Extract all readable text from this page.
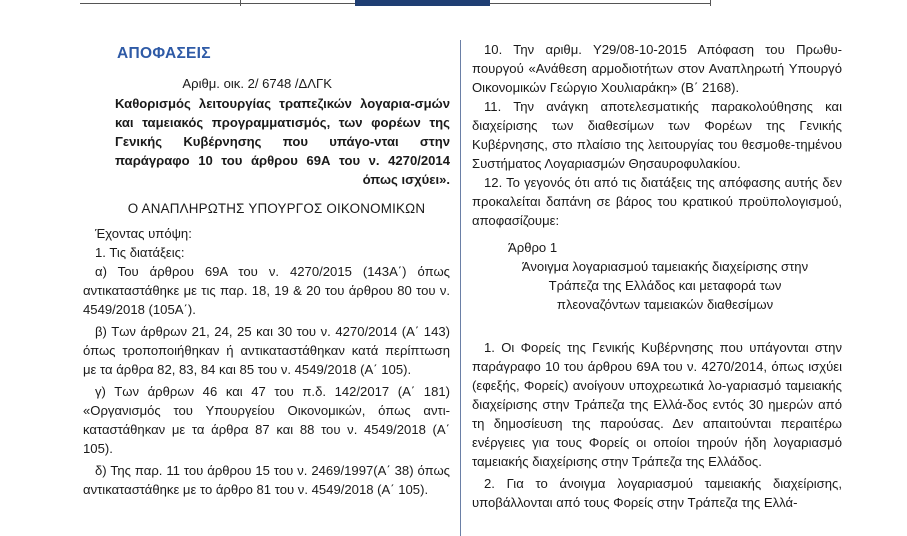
ΑΠΟΦΑΣΕΙΣ

Αριθμ. οικ. 2/ 6748 /ΔΛΓΚ

Καθορισμός λειτουργίας τραπεζικών λογαρια-σμών και ταμειακός προγραμματισμός, των φορέων της Γενικής Κυβέρνησης που υπάγο-νται στην παράγραφο 10 του άρθρου 69Α του ν. 4270/2014 όπως ισχύει».

Ο ΑΝΑΠΛΗΡΩΤΗΣ ΥΠΟΥΡΓΟΣ ΟΙΚΟΝΟΜΙΚΩΝ

Έχοντας υπόψη:

1. Τις διατάξεις:

α) Του άρθρου 69Α του ν. 4270/2015 (143Α΄) όπως αντικαταστάθηκε με τις παρ. 18, 19 & 20 του άρθρου 80 του ν. 4549/2018 (105Α΄).

β) Των άρθρων 21, 24, 25 και 30 του ν. 4270/2014 (Α΄ 143) όπως τροποποιήθηκαν ή αντικαταστάθηκαν κατά περίπτωση με τα άρθρα 82, 83, 84 και 85 του ν. 4549/2018 (Α΄ 105).

γ) Των άρθρων 46 και 47 του π.δ. 142/2017 (Α΄ 181) «Οργανισμός του Υπουργείου Οικονομικών, όπως αντι-καταστάθηκαν με τα άρθρα 87 και 88 του ν. 4549/2018 (Α΄ 105).

δ) Της παρ. 11 του άρθρου 15 του ν. 2469/1997(Α΄ 38) όπως αντικαταστάθηκε με το άρθρο 81 του ν. 4549/2018 (Α΄ 105).

10. Την αριθμ. Υ29/08-10-2015 Απόφαση του Πρωθυ-πουργού «Ανάθεση αρμοδιοτήτων στον Αναπληρωτή Υπουργό Οικονομικών Γεώργιο Χουλιαράκη» (Β΄ 2168).

11. Την ανάγκη αποτελεσματικής παρακολούθησης και διαχείρισης των διαθεσίμων των Φορέων της Γενικής Κυβέρνησης, στο πλαίσιο της λειτουργίας του θεσμοθε-τημένου Συστήματος Λογαριασμών Θησαυροφυλακίου.

12. Το γεγονός ότι από τις διατάξεις της απόφασης αυτής δεν προκαλείται δαπάνη σε βάρος του κρατικού προϋπολογισμού, αποφασίζουμε:

Άρθρο 1

Άνοιγμα λογαριασμού ταμειακής διαχείρισης στην Τράπεζα της Ελλάδος και μεταφορά των πλεοναζόντων ταμειακών διαθεσίμων

1. Οι Φορείς της Γενικής Κυβέρνησης που υπάγονται στην παράγραφο 10 του άρθρου 69Α του ν. 4270/2014, όπως ισχύει (εφεξής, Φορείς) ανοίγουν υποχρεωτικά λο-γαριασμό ταμειακής διαχείρισης στην Τράπεζα της Ελλά-δος εντός 30 ημερών από τη δημοσίευση της παρούσας. Δεν απαιτούνται περαιτέρω ενέργειες για τους Φορείς οι οποίοι τηρούν ήδη λογαριασμό ταμειακής διαχείρισης στην Τράπεζα της Ελλάδος.

2. Για το άνοιγμα λογαριασμού ταμειακής διαχείρισης, υποβάλλονται από τους Φορείς στην Τράπεζα της Ελλά-
